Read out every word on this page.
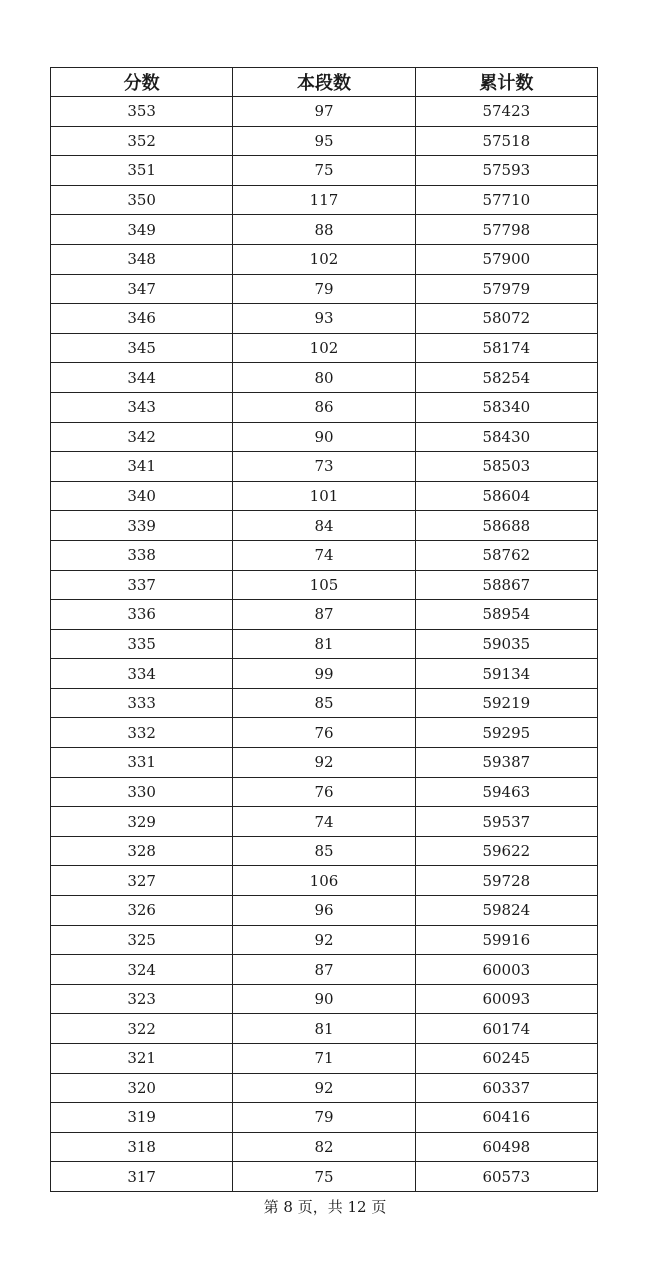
分数	本段数	累计数
353	97	57423
352	95	57518
351	75	57593
350	117	57710
349	88	57798
348	102	57900
347	79	57979
346	93	58072
345	102	58174
344	80	58254
343	86	58340
342	90	58430
341	73	58503
340	101	58604
339	84	58688
338	74	58762
337	105	58867
336	87	58954
335	81	59035
334	99	59134
333	85	59219
332	76	59295
331	92	59387
330	76	59463
329	74	59537
328	85	59622
327	106	59728
326	96	59824
325	92	59916
324	87	60003
323	90	60093
322	81	60174
321	71	60245
320	92	60337
319	79	60416
318	82	60498
317	75	60573
第 8 页，共 12 页
